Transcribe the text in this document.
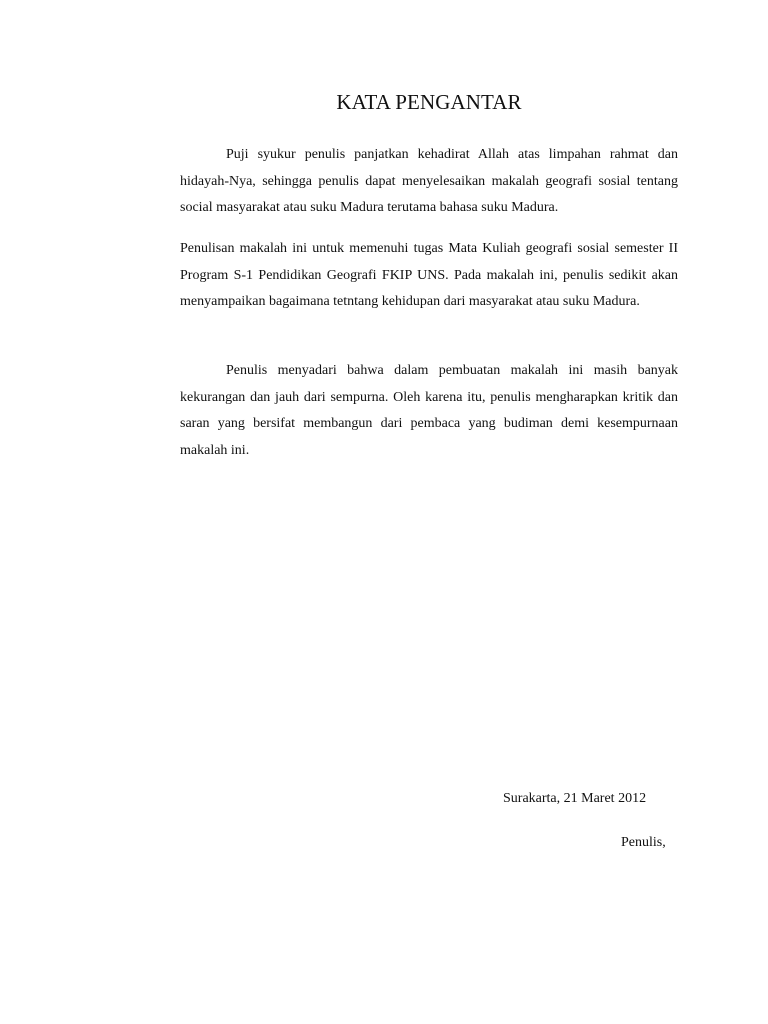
KATA PENGANTAR

Puji syukur penulis panjatkan kehadirat Allah atas limpahan rahmat dan hidayah-Nya, sehingga penulis dapat menyelesaikan makalah geografi sosial tentang social masyarakat atau suku Madura terutama bahasa suku Madura.

Penulisan makalah ini untuk memenuhi tugas Mata Kuliah geografi sosial semester II Program S-1 Pendidikan Geografi FKIP UNS. Pada makalah ini, penulis sedikit akan menyampaikan bagaimana tetntang kehidupan dari masyarakat atau suku Madura.

Penulis menyadari bahwa dalam pembuatan makalah ini masih banyak kekurangan dan jauh dari sempurna. Oleh karena itu, penulis mengharapkan kritik dan saran yang bersifat membangun dari pembaca yang budiman demi kesempurnaan makalah ini.

Surakarta, 21 Maret 2012

Penulis,
